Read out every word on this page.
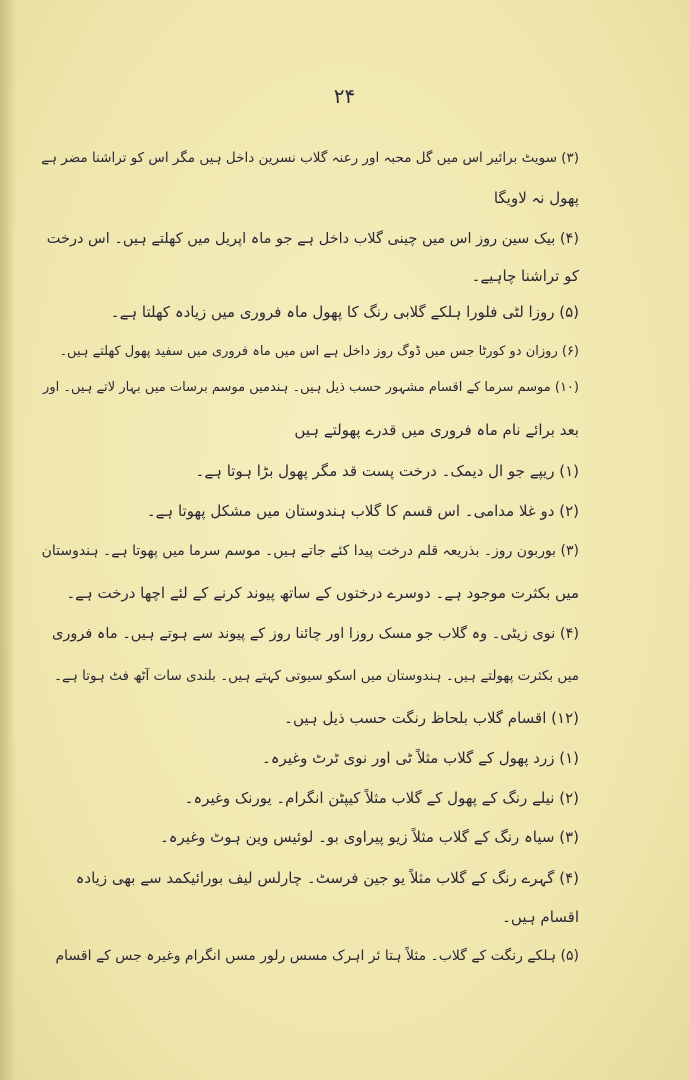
۲۴
(۳) سویٹ برائیر اس میں گل محبہ اور رعنہ گلاب نسرین داخل ہیں مگر اس کو تراشنا مضر ہے
پھول نہ لاویگا
(۴) بیک سین روز اس میں چینی گلاب داخل ہے جو ماہ اپریل میں کھلتے ہیں۔ اس درخت
کو تراشنا چاہیے۔
(۵) روزا لٹی فلورا ہلکے گلابی رنگ کا پھول ماہ فروری میں زیادہ کھلتا ہے۔
(۶) روزان دو کورٹا جس میں ڈوگ روز داخل ہے اس میں ماہ فروری میں سفید پھول کھلتے ہیں۔
(۱۰) موسم سرما کے اقسام مشہور حسب ذیل ہیں۔ ہندمیں موسم برسات میں بہار لاتے ہیں۔ اور
بعد برائے نام ماہ فروری میں قدرے پھولتے ہیں
(۱) ریپے جو ال دیمک۔ درخت پست قد مگر پھول بڑا ہوتا ہے۔
(۲) دو غلا مدامی۔ اس قسم کا گلاب ہندوستان میں مشکل پھوتا ہے۔
(۳) بوربون روز۔ بذریعہ قلم درخت پیدا کئے جاتے ہیں۔ موسم سرما میں پھوتا ہے۔ ہندوستان
میں بکثرت موجود ہے۔ دوسرے درختوں کے ساتھ پیوند کرنے کے لئے اچھا درخت ہے۔
(۴) نوی زیٹی۔ وہ گلاب جو مسک روزا اور چائنا روز کے پیوند سے ہوتے ہیں۔ ماہ فروری
میں بکثرت پھولتے ہیں۔ ہندوستان میں اسکو سیوتی کہتے ہیں۔ بلندی سات آٹھ فٹ ہوتا ہے۔
(۱۲) اقسام گلاب بلحاظ رنگت حسب ذیل ہیں۔
(۱) زرد پھول کے گلاب مثلاً ٹی اور نوی ٹرٹ وغیرہ۔
(۲) نیلے رنگ کے پھول کے گلاب مثلاً کیپٹن انگرام۔ یورنک وغیرہ۔
(۳) سیاہ رنگ کے گلاب مثلاً زیو پیراوی بو۔ لوئیس وین ہوٹ وغیرہ۔
(۴) گہرے رنگ کے گلاب مثلاً یو جین فرسٹ۔ چارلس لیف بورائیکمد سے بھی زیادہ
اقسام ہیں۔
(۵) ہلکے رنگت کے گلاب۔ مثلاً ہتا ئر اہرک مسس رلور مسں انگرام وغیرہ جس کے اقسام
